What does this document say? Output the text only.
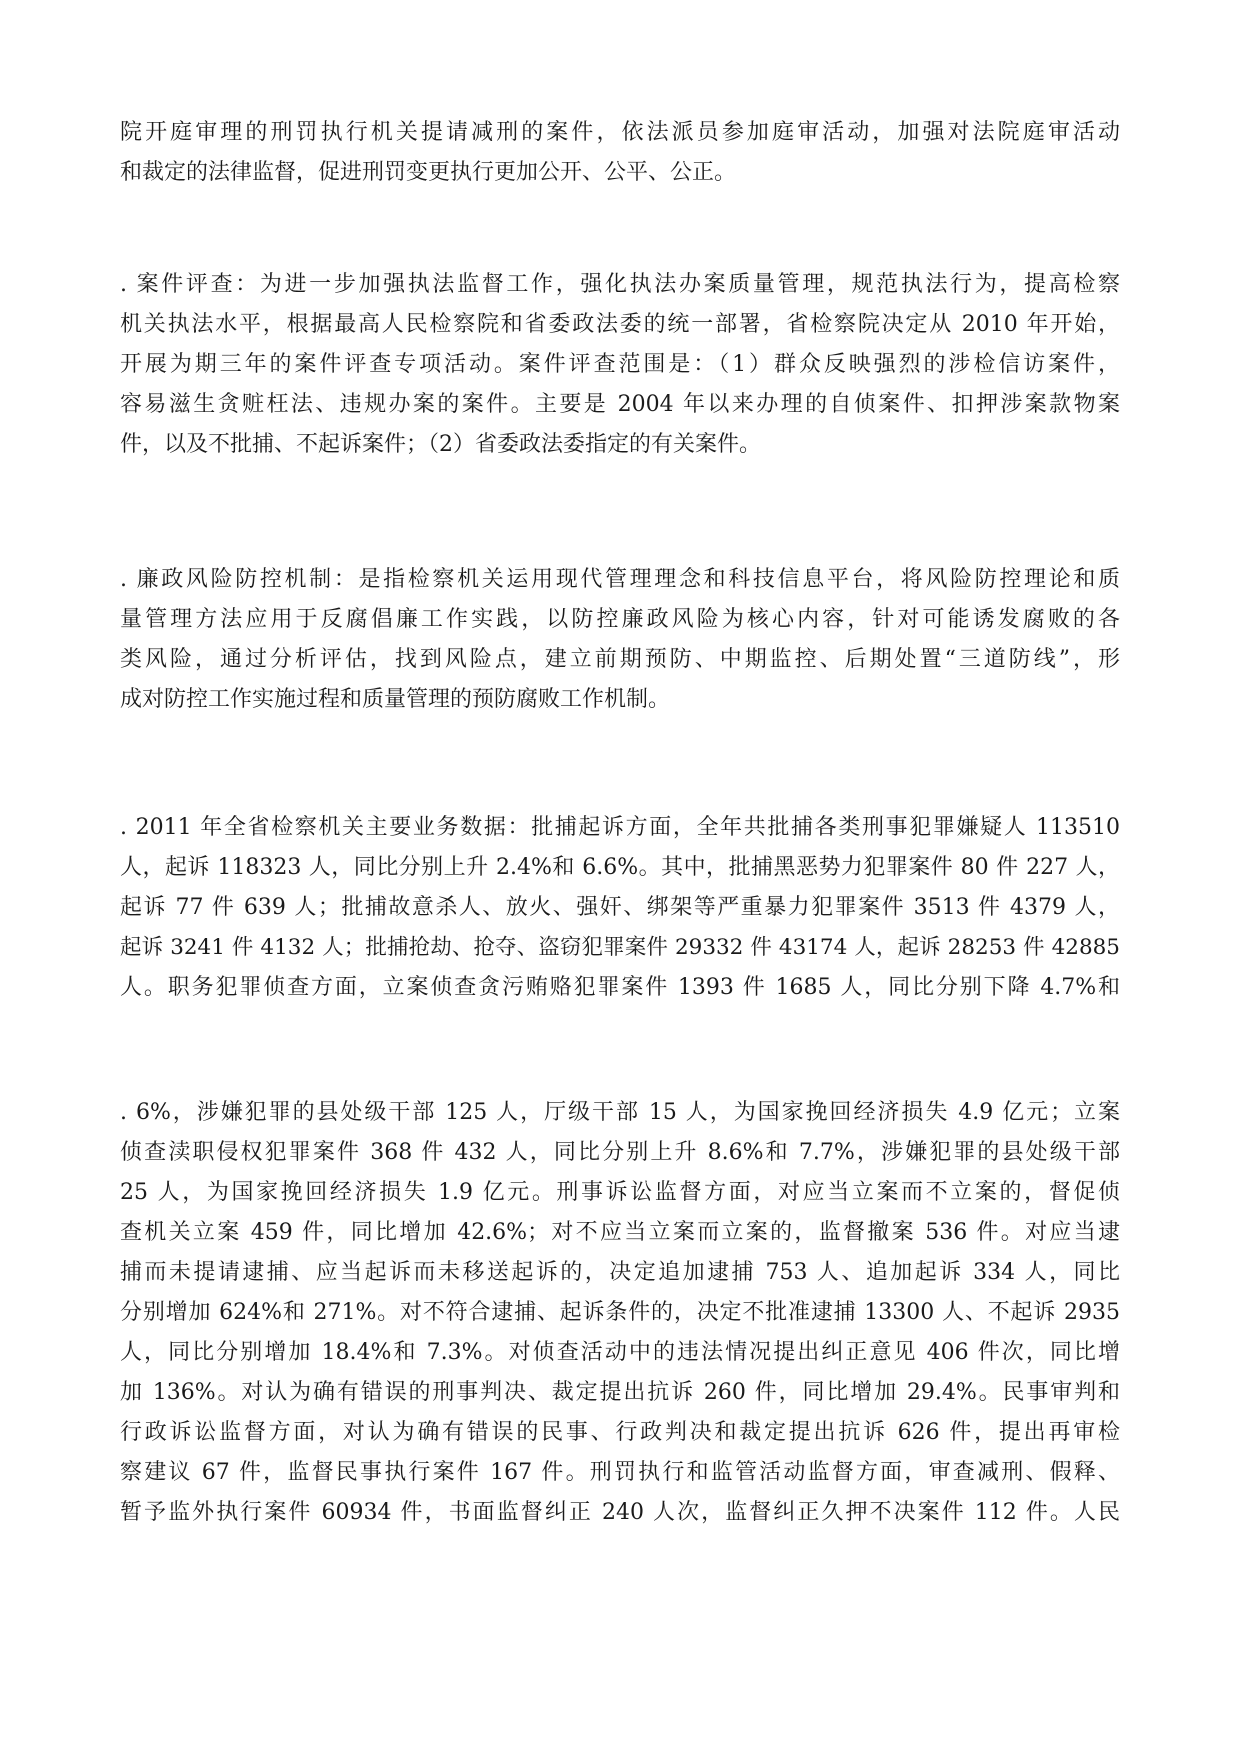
院开庭审理的刑罚执行机关提请减刑的案件，依法派员参加庭审活动，加强对法院庭审活动
和裁定的法律监督，促进刑罚变更执行更加公开、公平、公正。
. 案件评查：为进一步加强执法监督工作，强化执法办案质量管理，规范执法行为，提高检察
机关执法水平，根据最高人民检察院和省委政法委的统一部署，省检察院决定从 2010 年开始，
开展为期三年的案件评查专项活动。案件评查范围是：（1）群众反映强烈的涉检信访案件，
容易滋生贪赃枉法、违规办案的案件。主要是 2004 年以来办理的自侦案件、扣押涉案款物案
件，以及不批捕、不起诉案件；（2）省委政法委指定的有关案件。
. 廉政风险防控机制：是指检察机关运用现代管理理念和科技信息平台，将风险防控理论和质
量管理方法应用于反腐倡廉工作实践，以防控廉政风险为核心内容，针对可能诱发腐败的各
类风险，通过分析评估，找到风险点，建立前期预防、中期监控、后期处置“三道防线”，形
成对防控工作实施过程和质量管理的预防腐败工作机制。
. 2011 年全省检察机关主要业务数据：批捕起诉方面，全年共批捕各类刑事犯罪嫌疑人 113510
人，起诉 118323 人，同比分别上升 2.4%和 6.6%。其中，批捕黑恶势力犯罪案件 80 件 227 人，
起诉 77 件 639 人；批捕故意杀人、放火、强奸、绑架等严重暴力犯罪案件 3513 件 4379 人，
起诉 3241 件 4132 人；批捕抢劫、抢夺、盗窃犯罪案件 29332 件 43174 人，起诉 28253 件 42885
人。职务犯罪侦查方面，立案侦查贪污贿赂犯罪案件 1393 件 1685 人，同比分别下降 4.7%和
. 6%，涉嫌犯罪的县处级干部 125 人，厅级干部 15 人，为国家挽回经济损失 4.9 亿元；立案
侦查渎职侵权犯罪案件 368 件 432 人，同比分别上升 8.6%和 7.7%，涉嫌犯罪的县处级干部
25 人，为国家挽回经济损失 1.9 亿元。刑事诉讼监督方面，对应当立案而不立案的，督促侦
查机关立案 459 件，同比增加 42.6%；对不应当立案而立案的，监督撤案 536 件。对应当逮
捕而未提请逮捕、应当起诉而未移送起诉的，决定追加逮捕 753 人、追加起诉 334 人，同比
分别增加 624%和 271%。对不符合逮捕、起诉条件的，决定不批准逮捕 13300 人、不起诉 2935
人，同比分别增加 18.4%和 7.3%。对侦查活动中的违法情况提出纠正意见 406 件次，同比增
加 136%。对认为确有错误的刑事判决、裁定提出抗诉 260 件，同比增加 29.4%。民事审判和
行政诉讼监督方面，对认为确有错误的民事、行政判决和裁定提出抗诉 626 件，提出再审检
察建议 67 件，监督民事执行案件 167 件。刑罚执行和监管活动监督方面，审查减刑、假释、
暂予监外执行案件 60934 件，书面监督纠正 240 人次，监督纠正久押不决案件 112 件。人民
